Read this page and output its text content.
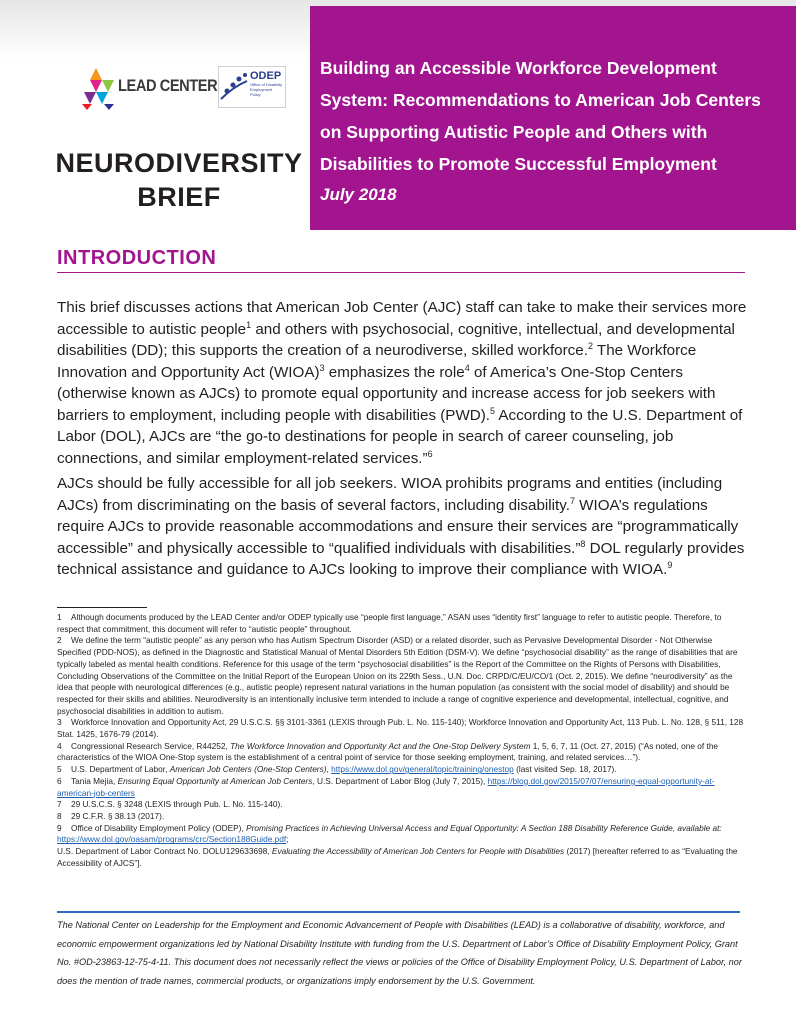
LEAD CENTER	ODEP
Office of Disability Employment Policy
NEURODIVERSITY
BRIEF
Building an Accessible Workforce Development System: Recommendations to American Job Centers on Supporting Autistic People and Others with Disabilities to Promote Successful Employment
July 2018
INTRODUCTION
This brief discusses actions that American Job Center (AJC) staff can take to make their services more accessible to autistic people$^1$ and others with psychosocial, cognitive, intellectual, and developmental disabilities (DD); this supports the creation of a neurodiverse, skilled workforce.$^2$ The Workforce Innovation and Opportunity Act (WIOA)$^3$ emphasizes the role$^4$ of America’s One-Stop Centers (otherwise known as AJCs) to promote equal opportunity and increase access for job seekers with barriers to employment, including people with disabilities (PWD).$^5$ According to the U.S. Department of Labor (DOL), AJCs are “the go-to destinations for people in search of career counseling, job connections, and similar employment-related services.”$^6$
AJCs should be fully accessible for all job seekers. WIOA prohibits programs and entities (including AJCs) from discriminating on the basis of several factors, including disability.$^7$ WIOA’s regulations require AJCs to provide reasonable accommodations and ensure their services are “programmatically accessible” and physically accessible to “qualified individuals with disabilities.”$^8$ DOL regularly provides technical assistance and guidance to AJCs looking to improve their compliance with WIOA.$^9$

1 Although documents produced by the LEAD Center and/or ODEP typically use “people first language,” ASAN uses “identity first” language to refer to autistic people. Therefore, to respect that commitment, this document will refer to “autistic people” throughout.

2 We define the term “autistic people” as any person who has Autism Spectrum Disorder (ASD) or a related disorder, such as Pervasive Developmental Disorder - Not Otherwise Specified (PDD-NOS), as defined in the Diagnostic and Statistical Manual of Mental Disorders 5th Edition (DSM-V). We define “psychosocial disability” as the range of disabilities that are typically labeled as mental health conditions. Reference for this usage of the term “psychosocial disabilities” is the Report of the Committee on the Rights of Persons with Disabilities, Concluding Observations of the Committee on the Initial Report of the European Union on its 229th Sess., U.N. Doc. CRPD/C/EU/CO/1 (Oct. 2, 2015). We define “neurodiversity” as the idea that people with neurological differences (e.g., autistic people) represent natural variations in the human population (as consistent with the social model of disability) and should be respected for their skills and abilities. Neurodiversity is an intentionally inclusive term intended to include a range of cognitive experience and developmental, intellectual, cognitive, and psychosocial disabilities in addition to autism.

3 Workforce Innovation and Opportunity Act, 29 U.S.C.S. §§ 3101-3361 (LEXIS through Pub. L. No. 115-140); Workforce Innovation and Opportunity Act, 113 Pub. L. No. 128, § 511, 128 Stat. 1425, 1676-79 (2014).

4 Congressional Research Service, R44252, The Workforce Innovation and Opportunity Act and the One-Stop Delivery System 1, 5, 6, 7, 11 (Oct. 27, 2015) (“As noted, one of the characteristics of the WIOA One-Stop system is the establishment of a central point of service for those seeking employment, training, and related services…”).

5 U.S. Department of Labor, American Job Centers (One-Stop Centers), https://www.dol.gov/general/topic/training/onestop (last visited Sep. 18, 2017).

6 Tania Mejia, Ensuring Equal Opportunity at American Job Centers, U.S. Department of Labor Blog (July 7, 2015), https://blog.dol.gov/2015/07/07/ensuring-equal-opportunity-at-american-job-centers

7 29 U.S.C.S. § 3248 (LEXIS through Pub. L. No. 115-140).

8 29 C.F.R. § 38.13 (2017).

9 Office of Disability Employment Policy (ODEP), Promising Practices in Achieving Universal Access and Equal Opportunity: A Section 188 Disability Reference Guide, available at: https://www.dol.gov/oasam/programs/crc/Section188Guide.pdf;

U.S. Department of Labor Contract No. DOLU129633698, Evaluating the Accessibility of American Job Centers for People with Disabilities (2017) [hereafter referred to as “Evaluating the Accessibility of AJCS”].

The National Center on Leadership for the Employment and Economic Advancement of People with Disabilities (LEAD) is a collaborative of disability, workforce, and economic empowerment organizations led by National Disability Institute with funding from the U.S. Department of Labor’s Office of Disability Employment Policy, Grant No. #OD-23863-12-75-4-11. This document does not necessarily reflect the views or policies of the Office of Disability Employment Policy, U.S. Department of Labor, nor does the mention of trade names, commercial products, or organizations imply endorsement by the U.S. Government.
